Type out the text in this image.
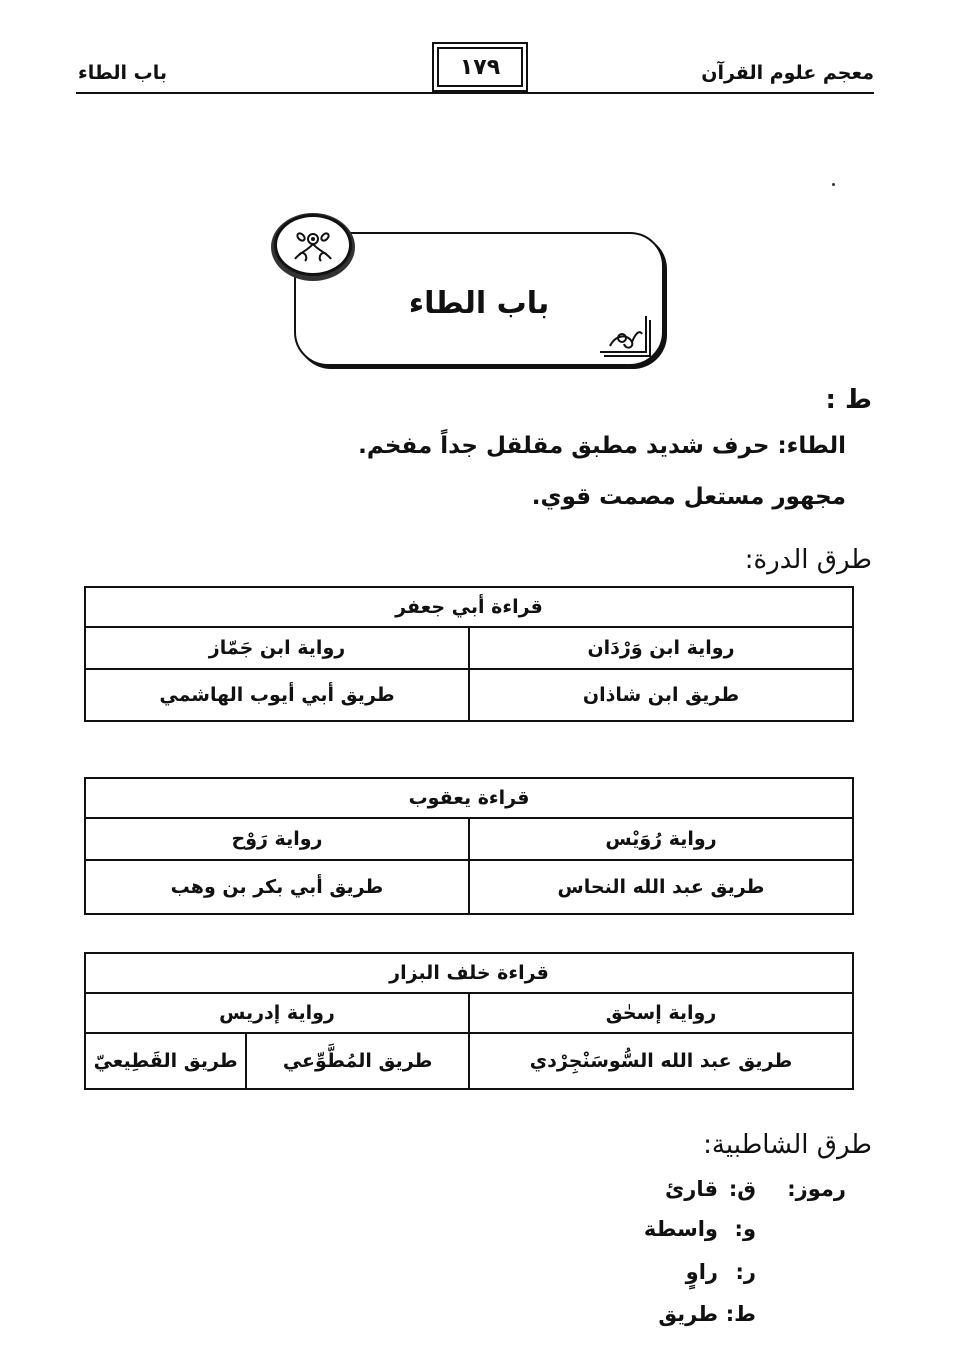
معجم علوم القرآن
١٧٩
باب الطاء
باب الطاء
ط :
الطاء: حرف شديد مطبق مقلقل جداً مفخم.
مجهور مستعل مصمت قوي.
طرق الدرة:
قراءة أبي جعفر	
رواية ابن وَرْدَان	رواية ابن جَمّاز
طريق ابن شاذان	طريق أبي أيوب الهاشمي
قراءة يعقوب	
رواية رُوَيْس	رواية رَوْح
طريق عبد الله النحاس	طريق أبي بكر بن وهب
قراءة خلف البزار		
رواية إسحٰق	رواية إدريس	
طريق عبد الله السُّوسَنْجِرْدي	طريق المُطَّوِّعي	طريق القَطِيعيّ
طرق الشاطبية:
رموز:
ق:
قارئ
و:
واسطة
ر:
راوٍ
ط:
طريق
